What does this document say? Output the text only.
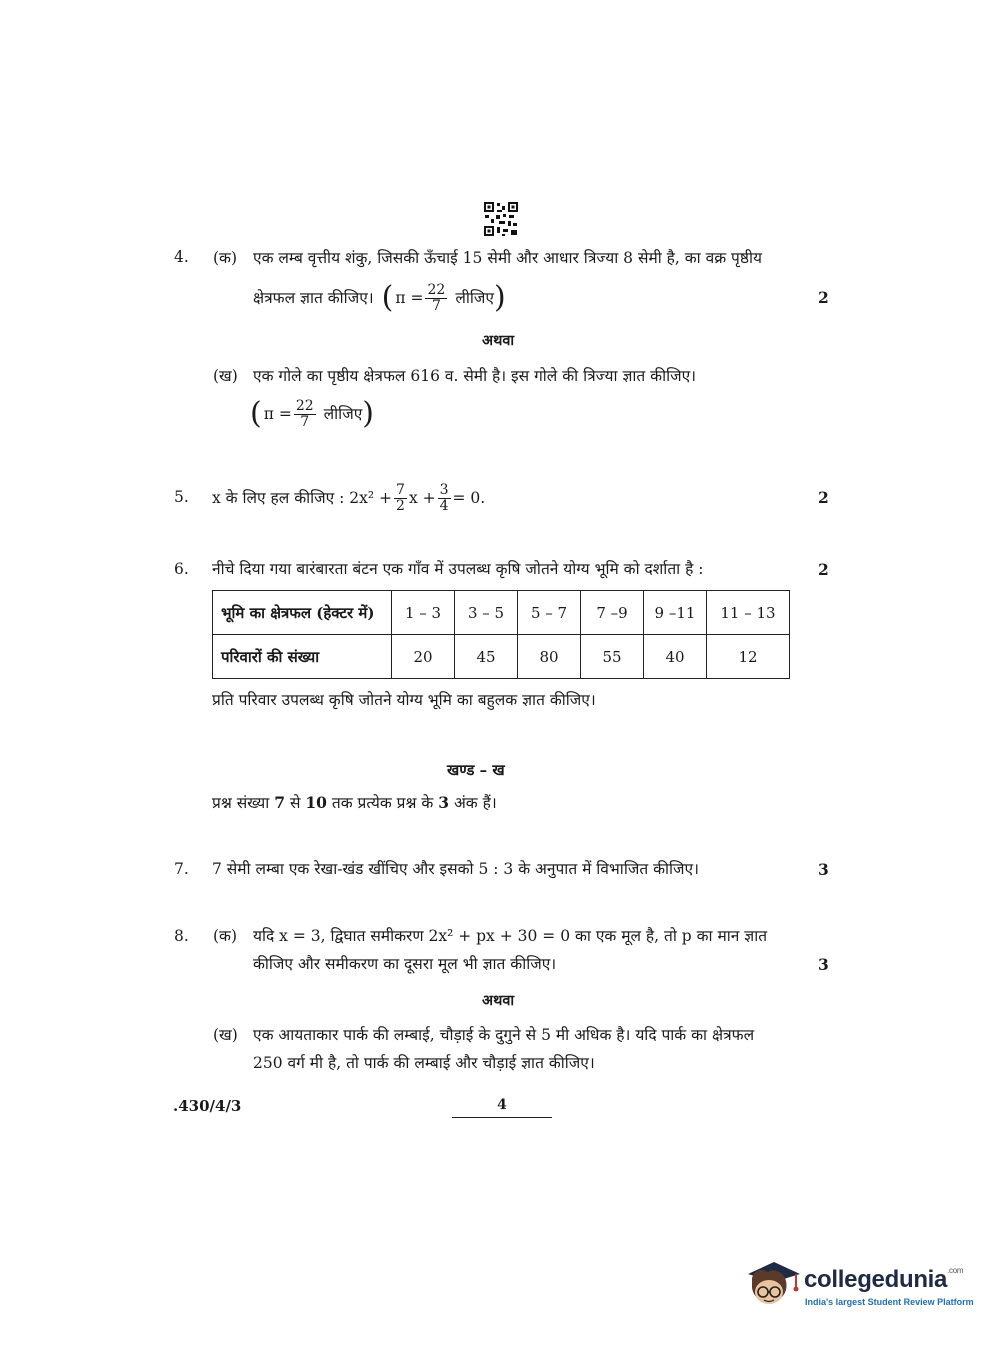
4. (क) एक लम्ब वृत्तीय शंकु, जिसकी ऊँचाई 15 सेमी और आधार त्रिज्या 8 सेमी है, का वक्र पृष्ठीय
क्षेत्रफल ज्ञात कीजिए। ( $\pi = \frac{22}{7}$ लीजिए )	2
अथवा
(ख) एक गोले का पृष्ठीय क्षेत्रफल 616 व. सेमी है। इस गोले की त्रिज्या ज्ञात कीजिए।
( $\pi = \frac{22}{7}$ लीजिए )
5. x के लिए हल कीजिए : $2x^2 + \frac{7}{2}$ $x + \frac{3}{4} = 0$.	2
6. नीचे दिया गया बारंबारता बंटन एक गाँव में उपलब्ध कृषि जोतने योग्य भूमि को दर्शाता है :	2
भूमि का क्षेत्रफल (हेक्टर में)	1 – 3	3 – 5	5 – 7	7 –9	9 –11	11 – 13
परिवारों की संख्या	20	45	80	55	40	12
प्रति परिवार उपलब्ध कृषि जोतने योग्य भूमि का बहुलक ज्ञात कीजिए।
खण्ड – ख
प्रश्न संख्या 7 से 10 तक प्रत्येक प्रश्न के 3 अंक हैं।
7. 7 सेमी लम्बा एक रेखा-खंड खींचिए और इसको 5 : 3 के अनुपात में विभाजित कीजिए।	3
8. (क) यदि x = 3, द्विघात समीकरण 2x² + px + 30 = 0 का एक मूल है, तो p का मान ज्ञात
कीजिए और समीकरण का दूसरा मूल भी ज्ञात कीजिए।	3
अथवा
(ख) एक आयताकार पार्क की लम्बाई, चौड़ाई के दुगुने से 5 मी अधिक है। यदि पार्क का क्षेत्रफल
250 वर्ग मी है, तो पार्क की लम्बाई और चौड़ाई ज्ञात कीजिए।
.430/4/3	4
collegedunia$^{.com}$
India's largest Student Review Platform
